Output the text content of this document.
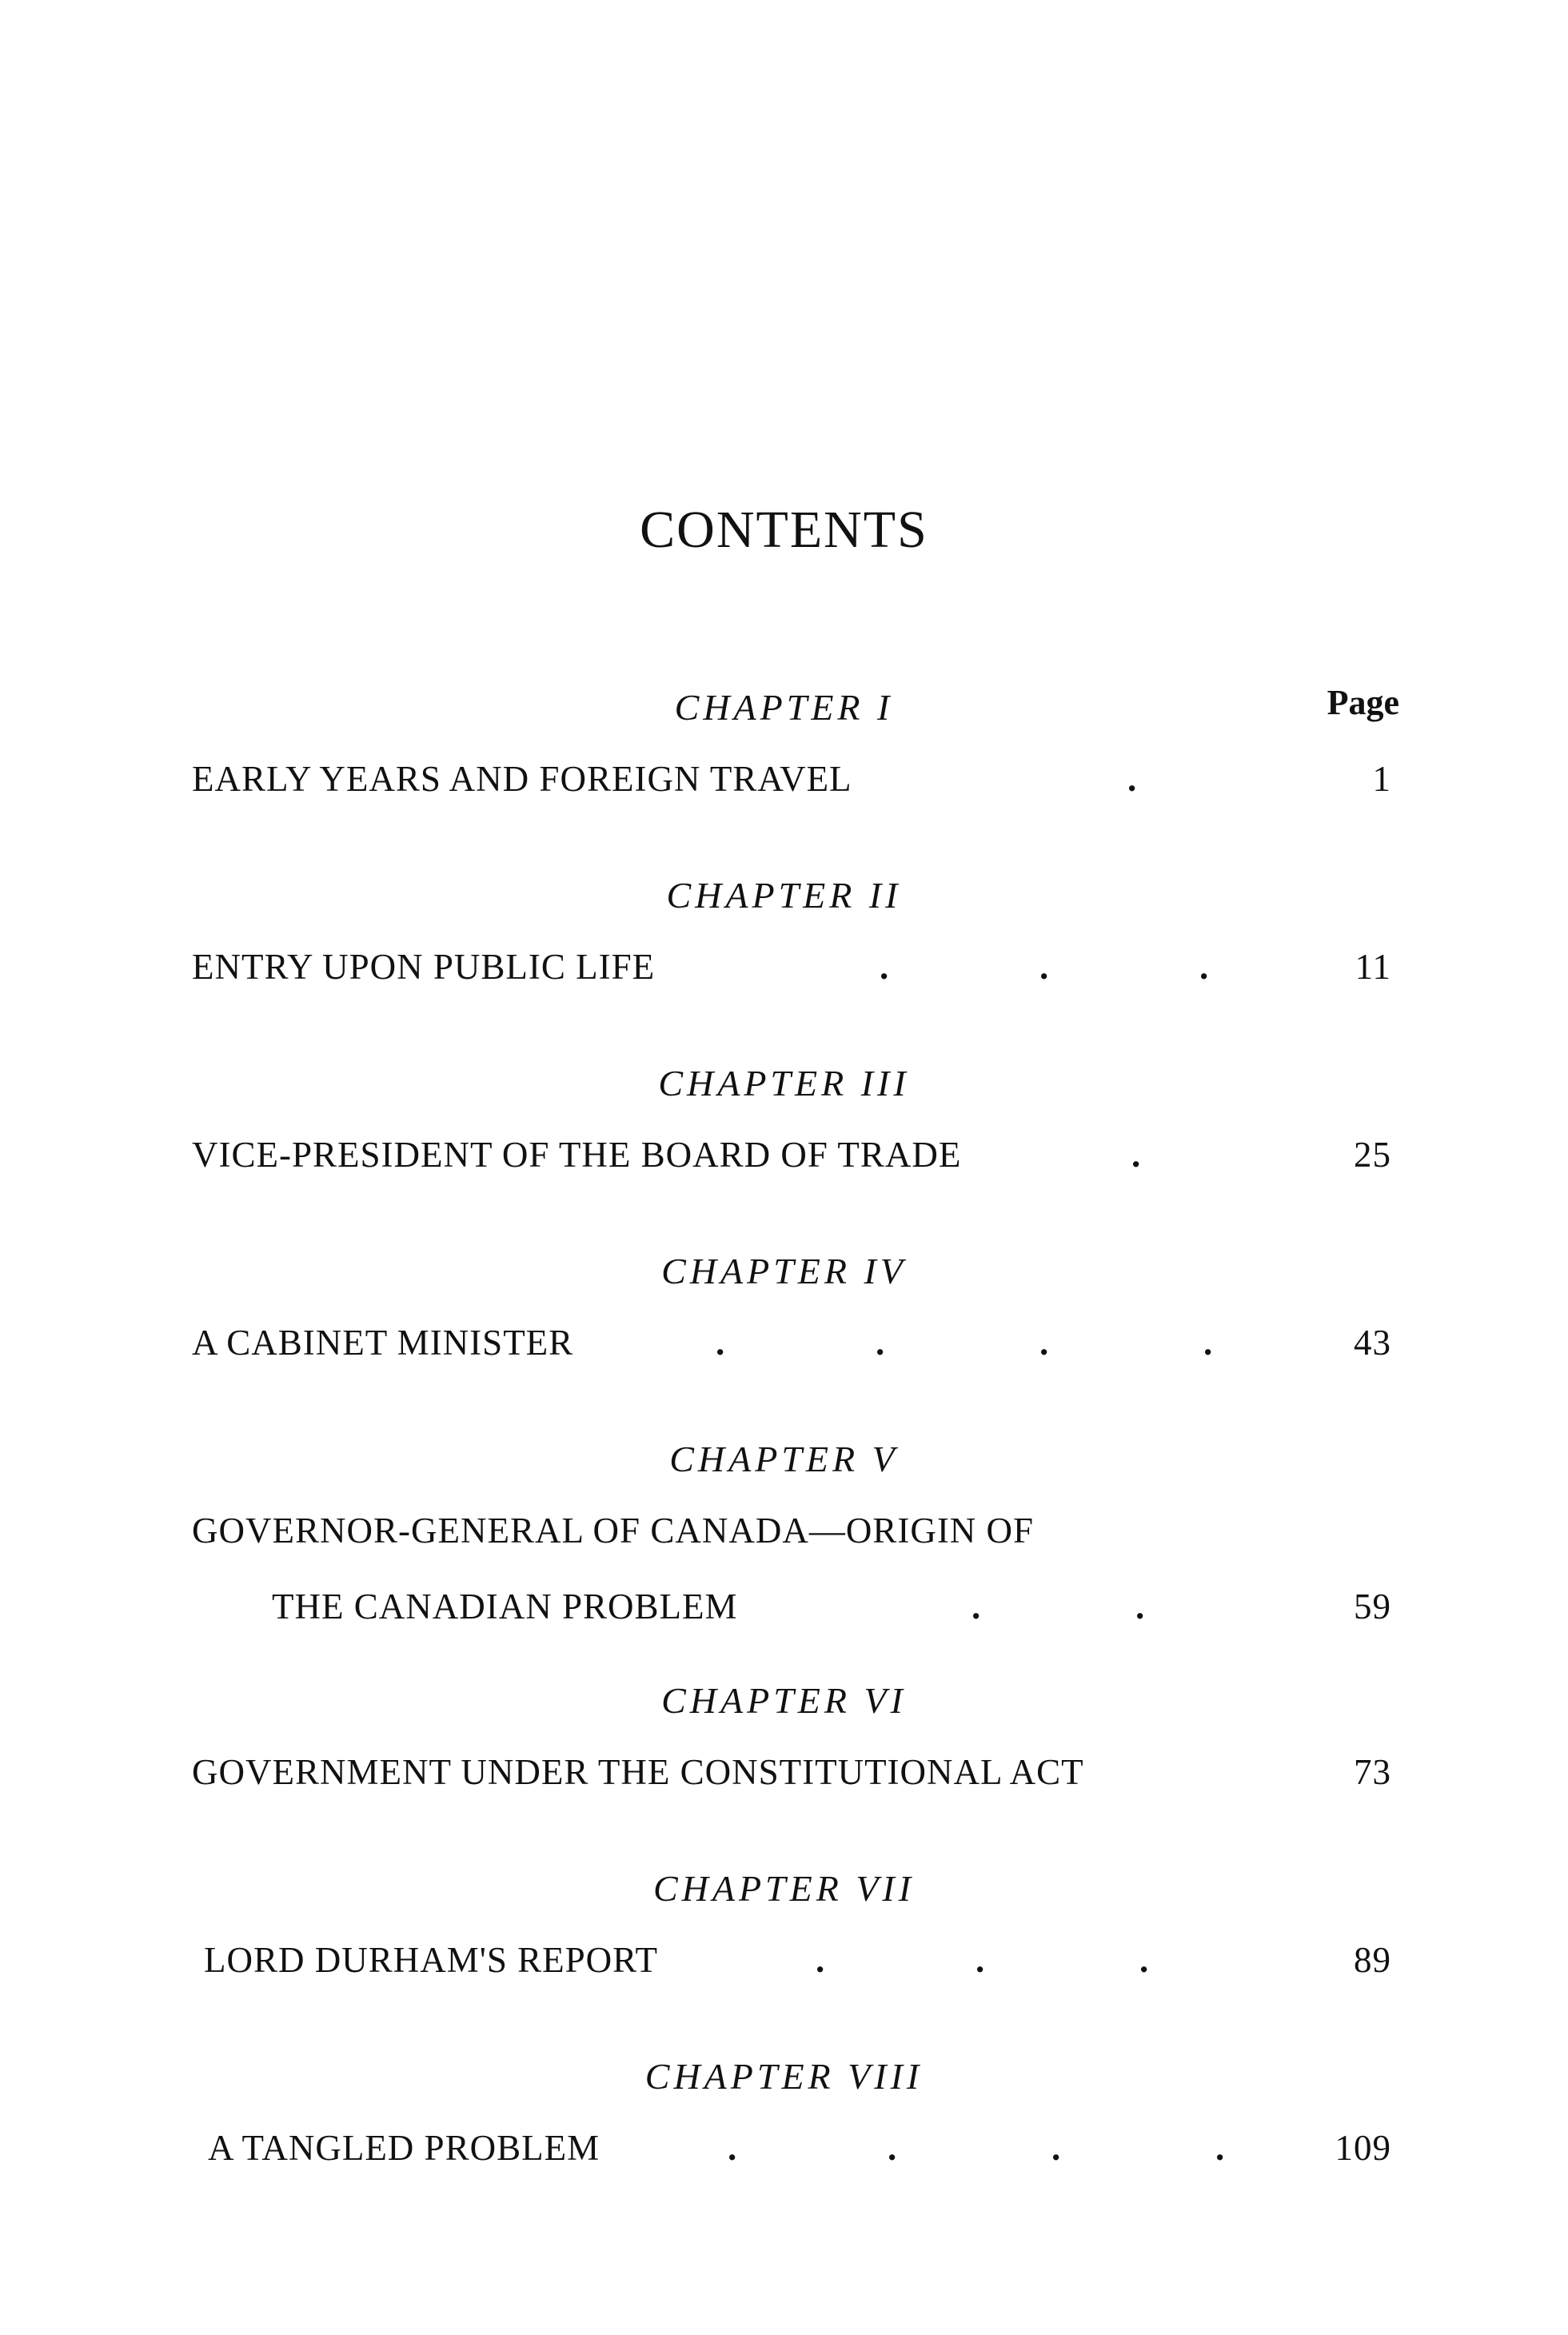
CONTENTS
Page
CHAPTER I
EARLY YEARS AND FOREIGN TRAVEL	.	1
CHAPTER II
ENTRY UPON PUBLIC LIFE	.	.	.	11
CHAPTER III
VICE-PRESIDENT OF THE BOARD OF TRADE	.	25
CHAPTER IV
A CABINET MINISTER	.	.	.	.	43
CHAPTER V
GOVERNOR-GENERAL OF CANADA—ORIGIN OF
THE CANADIAN PROBLEM	.	.	59
CHAPTER VI
GOVERNMENT UNDER THE CONSTITUTIONAL ACT	73
CHAPTER VII
LORD DURHAM'S REPORT	.	.	.	89
CHAPTER VIII
A TANGLED PROBLEM	.	.	.	.	109
